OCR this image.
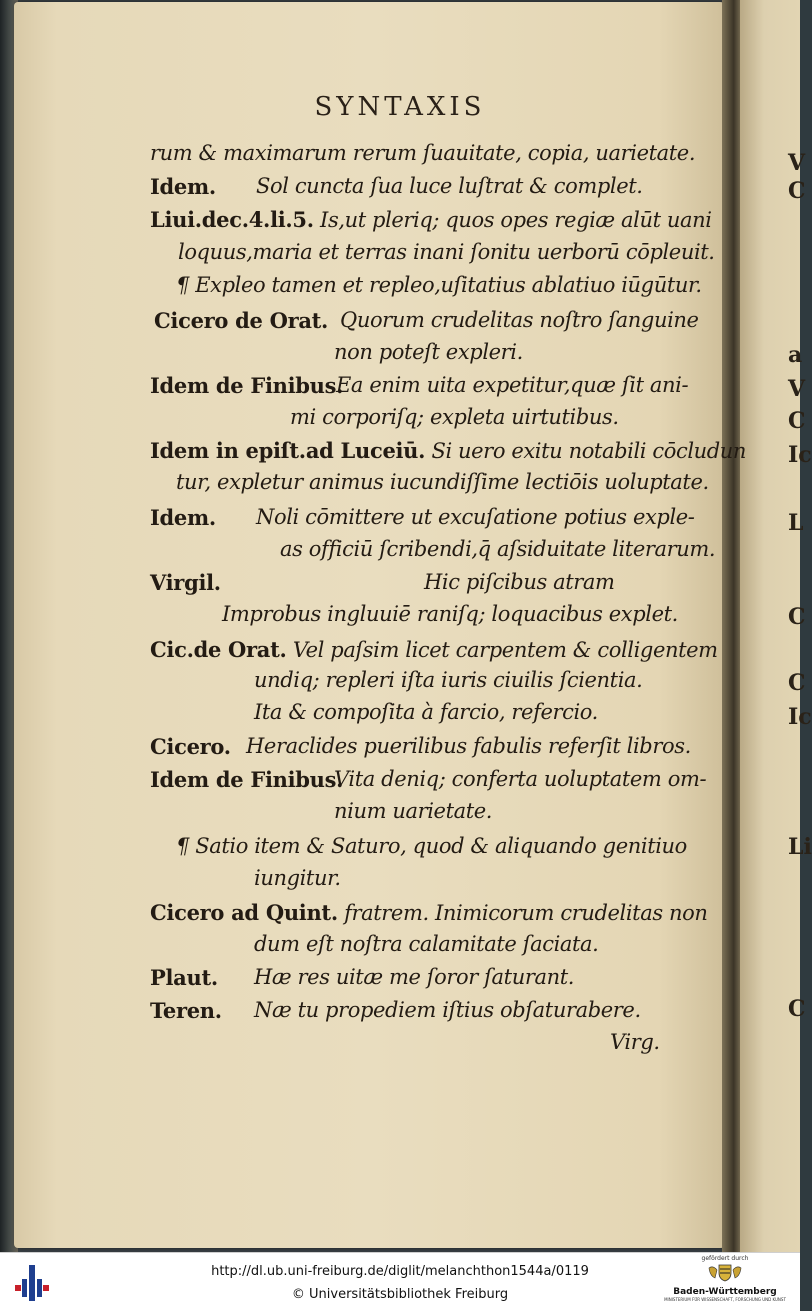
V
C
a
V
C
Ic
L
C
C
Ic
Li
C
SYNTAXIS
rum & maximarum rerum ſuauitate, copia, uarietate.
Idem. Sol cuncta ſua luce luſtrat & complet.
Liui.dec.4.li.5. Is,ut pleriq; quos opes regiæ alūt uani
loquus,maria et terras inani ſonitu uerborū cōpleuit.
¶ Expleo tamen et repleo,uſitatius ablatiuo iūgūtur.
Cicero de Orat. Quorum crudelitas noſtro ſanguine
non poteſt expleri.
Idem de Finibus.
Ea enim uita expetitur,quæ ſit ani-
mi corporiſq; expleta uirtutibus.
Idem in epiſt.ad Luceiū. Si uero exitu notabili cōcludun
tur, expletur animus iucundiſſime lectiōis uoluptate.
Idem. Noli cōmittere ut excuſatione potius exple-
as officiū ſcribendi,q̄ aſsiduitate literarum.
Virgil.	Hic piſcibus atram
Improbus ingluuiē raniſq; loquacibus explet.
Cic.de Orat. Vel paſsim licet carpentem & colligentem
undiq; repleri iſta iuris ciuilis ſcientia.
Ita & compoſita à farcio, refercio.
Cicero. Heraclides puerilibus fabulis referſit libros.
Idem de Finibus.
Vita deniq; conferta uoluptatem om-
nium uarietate.
¶ Satio item & Saturo, quod & aliquando genitiuo
iungitur.
Cicero ad Quint. fratrem. Inimicorum crudelitas non
dum eſt noſtra calamitate ſaciata.
Plaut. Hæ res uitæ me ſoror ſaturant.
Teren. Næ tu propediem iſtius obſaturabere.
Virg.
http://dl.ub.uni-freiburg.de/diglit/melanchthon1544a/0119
© Universitätsbibliothek Freiburg
gefördert durch
Baden-Württemberg
MINISTERIUM FÜR WISSENSCHAFT, FORSCHUNG UND KUNST
